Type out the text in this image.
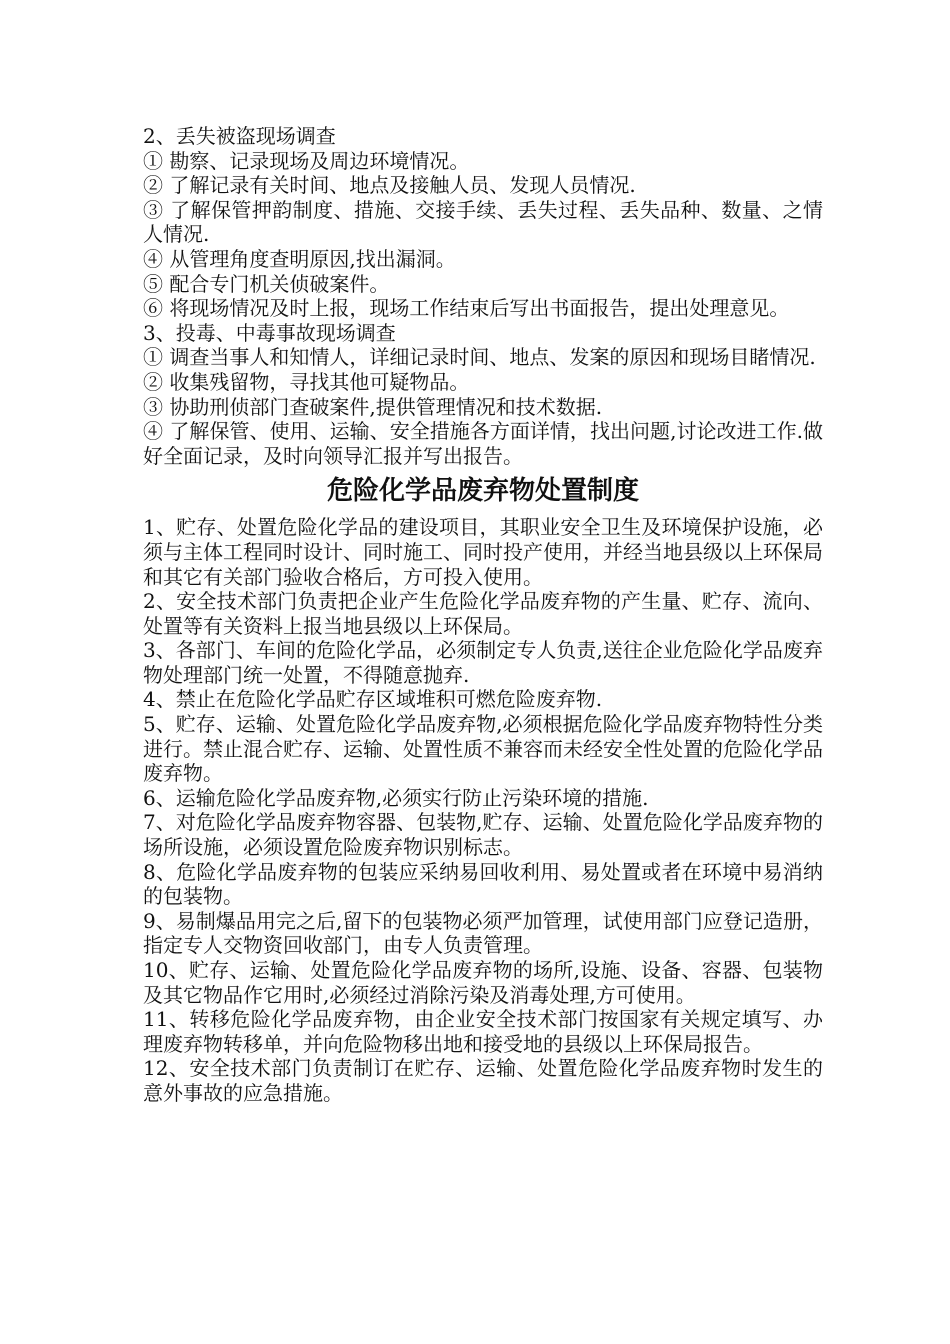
2、丢失被盗现场调查

① 勘察、记录现场及周边环境情况。

② 了解记录有关时间、地点及接触人员、发现人员情况.

③ 了解保管押韵制度、措施、交接手续、丢失过程、丢失品种、数量、之情人情况.

④ 从管理角度查明原因,找出漏洞。

⑤ 配合专门机关侦破案件。

⑥ 将现场情况及时上报，现场工作结束后写出书面报告，提出处理意见。

3、投毒、中毒事故现场调查

① 调查当事人和知情人，详细记录时间、地点、发案的原因和现场目睹情况.

② 收集残留物，寻找其他可疑物品。

③ 协助刑侦部门查破案件,提供管理情况和技术数据.

④ 了解保管、使用、运输、安全措施各方面详情，找出问题,讨论改进工作.做好全面记录，及时向领导汇报并写出报告。

危险化学品废弃物处置制度

1、贮存、处置危险化学品的建设项目，其职业安全卫生及环境保护设施，必须与主体工程同时设计、同时施工、同时投产使用，并经当地县级以上环保局和其它有关部门验收合格后，方可投入使用。

2、安全技术部门负责把企业产生危险化学品废弃物的产生量、贮存、流向、处置等有关资料上报当地县级以上环保局。

3、各部门、车间的危险化学品，必须制定专人负责,送往企业危险化学品废弃物处理部门统一处置，不得随意抛弃.

4、禁止在危险化学品贮存区域堆积可燃危险废弃物.

5、贮存、运输、处置危险化学品废弃物,必须根据危险化学品废弃物特性分类进行。禁止混合贮存、运输、处置性质不兼容而未经安全性处置的危险化学品废弃物。

6、运输危险化学品废弃物,必须实行防止污染环境的措施.

7、对危险化学品废弃物容器、包装物,贮存、运输、处置危险化学品废弃物的场所设施，必须设置危险废弃物识别标志。

8、危险化学品废弃物的包装应采纳易回收利用、易处置或者在环境中易消纳的包装物。

9、易制爆品用完之后,留下的包装物必须严加管理，试使用部门应登记造册，指定专人交物资回收部门，由专人负责管理。

10、贮存、运输、处置危险化学品废弃物的场所,设施、设备、容器、包装物及其它物品作它用时,必须经过消除污染及消毒处理,方可使用。

11、转移危险化学品废弃物，由企业安全技术部门按国家有关规定填写、办理废弃物转移单，并向危险物移出地和接受地的县级以上环保局报告。

12、安全技术部门负责制订在贮存、运输、处置危险化学品废弃物时发生的意外事故的应急措施。
